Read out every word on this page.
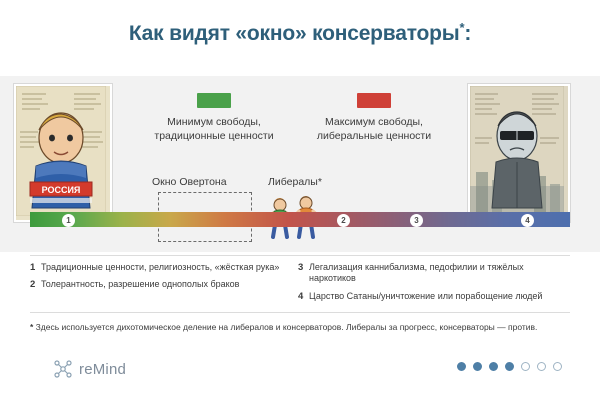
Как видят «окно» консерваторы*:
РОССИЯ
Минимум свободы,
традиционные ценности
Максимум свободы,
либеральные ценности
Окно Овертона	Либералы*
1	2	3	4
1 Традиционные ценности, религиозность, «жёсткая рука»
2 Толерантность, разрешение однополых браков
3 Легализация каннибализма, педофилии и тяжёлых наркотиков
4 Царство Сатаны/уничтожение или порабощение людей
* Здесь используется дихотомическое деление на либералов и консерваторов. Либералы за прогресс, консерваторы — против.
reMind
